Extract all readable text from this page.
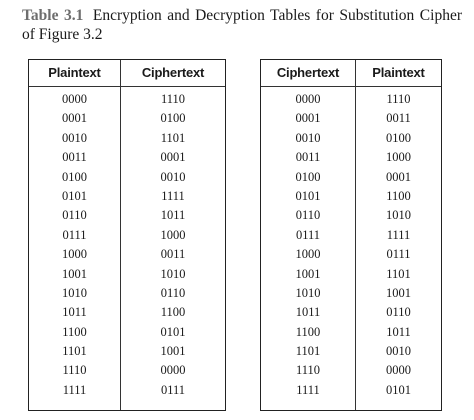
Table 3.1 Encryption and Decryption Tables for Substitution Cipher of Figure 3.2
Plaintext
0000
0001
0010
0011
0100
0101
0110
0111
1000
1001
1010
1011
1100
1101
1110
1111
Ciphertext
1110
0100
1101
0001
0010
1111
1011
1000
0011
1010
0110
1100
0101
1001
0000
0111
Ciphertext
0000
0001
0010
0011
0100
0101
0110
0111
1000
1001
1010
1011
1100
1101
1110
1111
Plaintext
1110
0011
0100
1000
0001
1100
1010
1111
0111
1101
1001
0110
1011
0010
0000
0101
